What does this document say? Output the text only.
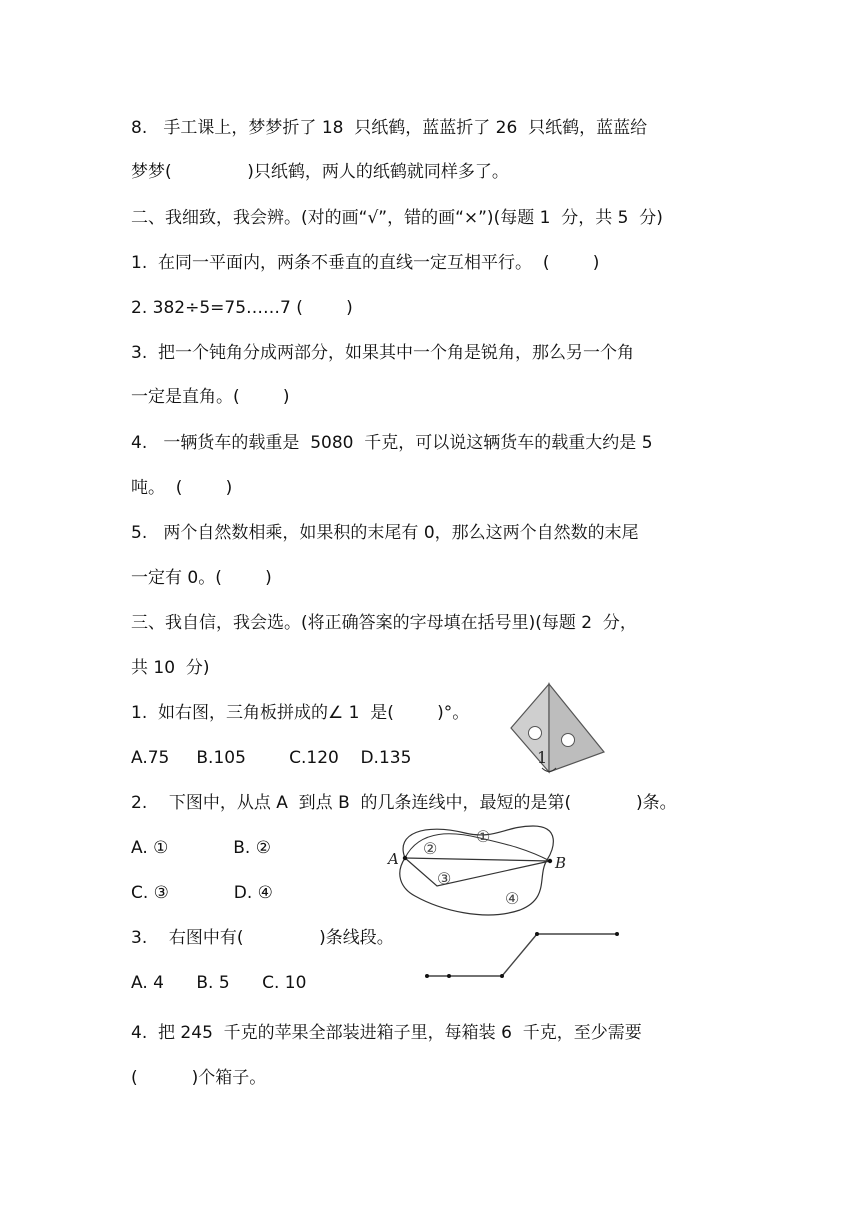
8.   手工课上，梦梦折了 18  只纸鹤，蓝蓝折了 26  只纸鹤，蓝蓝给
梦梦(              )只纸鹤，两人的纸鹤就同样多了。
二、我细致，我会辨。(对的画“√”，错的画“×”)(每题 1  分，共 5  分)
1.  在同一平面内，两条不垂直的直线一定互相平行。  (        )
2. 382÷5=75……7 (        )
3.  把一个钝角分成两部分，如果其中一个角是锐角，那么另一个角
一定是直角。(        )
4.   一辆货车的载重是  5080  千克，可以说这辆货车的载重大约是 5
吨。  (        )
5.   两个自然数相乘，如果积的末尾有 0，那么这两个自然数的末尾
一定有 0。(        )
三、我自信，我会选。(将正确答案的字母填在括号里)(每题 2  分，
共 10  分)
1.  如右图，三角板拼成的∠ 1  是(        )°。
A.75     B.105        C.120    D.135	1
2.    下图中，从点 A  到点 B  的几条连线中，最短的是第(            )条。
A. ①            B. ②
C. ③            D. ④
A	B
①
②
③
④
3.    右图中有(              )条线段。
A. 4      B. 5      C. 10
4.  把 245  千克的苹果全部装进箱子里，每箱装 6  千克，至少需要
(          )个箱子。
